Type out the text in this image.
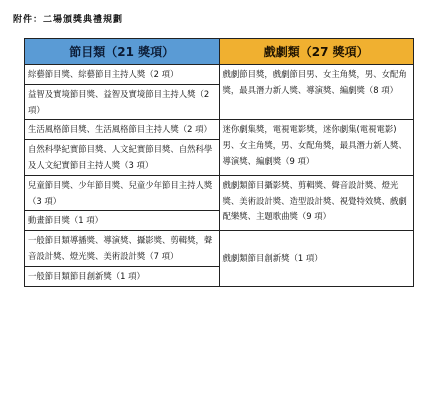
附件：二場頒獎典禮規劃
節目類（21 獎項）	戲劇類（27 獎項）

綜藝節目獎、綜藝節目主持人獎（2 項）	戲劇節目獎，戲劇節目男、女主角獎，男、女配角獎，最具潛力新人獎、導演獎、編劇獎（8 項）
益智及實境節目獎、益智及實境節目主持人獎（2 項）	
生活風格節目獎、生活風格節目主持人獎（2 項）	迷你劇集獎，電視電影獎，迷你劇集(電視電影)男、女主角獎，男、女配角獎，最具潛力新人獎、導演獎、編劇獎（9 項）
自然科學紀實節目獎、人文紀實節目獎、自然科學及人文紀實節目主持人獎（3 項）	
兒童節目獎、少年節目獎、兒童少年節目主持人獎（3 項）	戲劇類節目攝影獎、剪輯獎、聲音設計獎、燈光獎、美術設計獎、造型設計獎、視覺特效獎、戲劇配樂獎、主題歌曲獎（9 項）
動畫節目獎（1 項）	
一般節目類導播獎、導演獎、攝影獎、剪輯獎，聲音設計獎、燈光獎、美術設計獎（7 項）	戲劇類節目創新獎（1 項）
一般節目類節目創新獎（1 項）	
